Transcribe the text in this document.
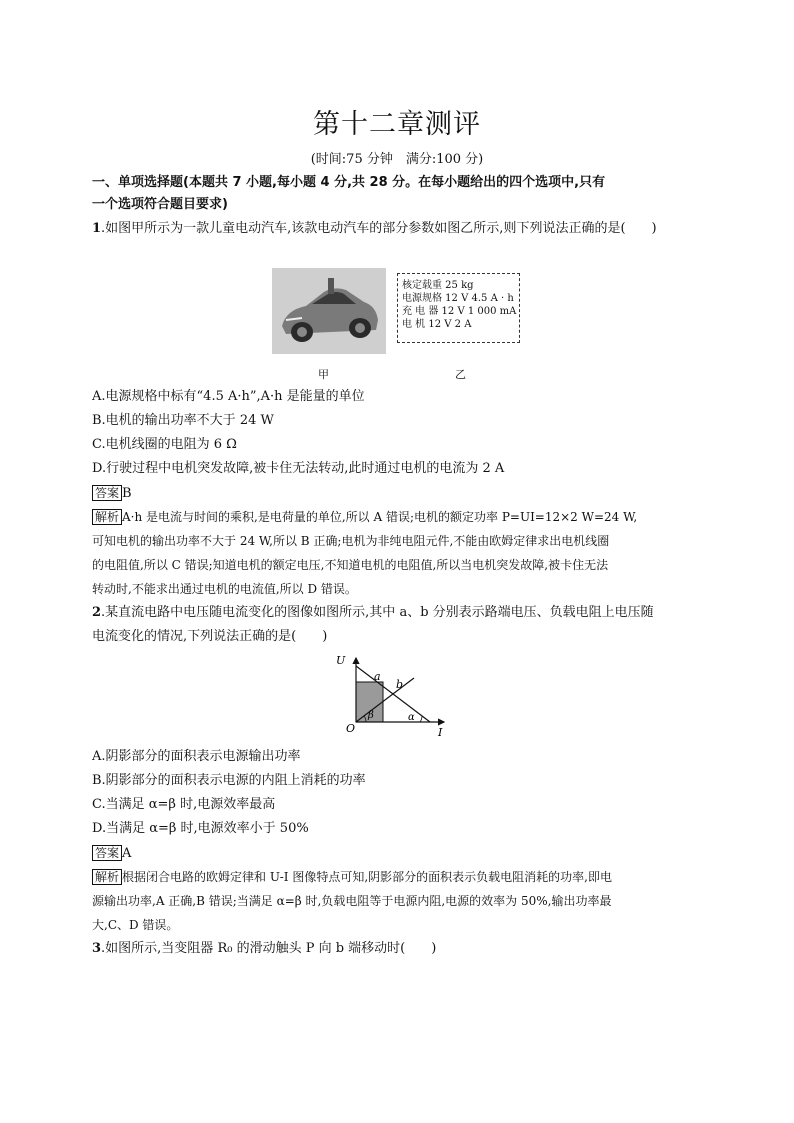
第十二章测评
(时间:75 分钟　满分:100 分)
一、单项选择题(本题共 7 小题,每小题 4 分,共 28 分。在每小题给出的四个选项中,只有
一个选项符合题目要求)
1.如图甲所示为一款儿童电动汽车,该款电动汽车的部分参数如图乙所示,则下列说法正确的是(　　)
核定载重 25 kg
电源规格 12 V 4.5 A · h
充 电 器 12 V 1 000 mA
电 机 12 V 2 A
甲	乙
A.电源规格中标有“4.5 A·h”,A·h 是能量的单位
B.电机的输出功率不大于 24 W
C.电机线圈的电阻为 6 Ω
D.行驶过程中电机突发故障,被卡住无法转动,此时通过电机的电流为 2 A
答案 B
解析 A·h 是电流与时间的乘积,是电荷量的单位,所以 A 错误;电机的额定功率 P=UI=12×2 W=24 W,
可知电机的输出功率不大于 24 W,所以 B 正确;电机为非纯电阻元件,不能由欧姆定律求出电机线圈
的电阻值,所以 C 错误;知道电机的额定电压,不知道电机的电阻值,所以当电机突发故障,被卡住无法
转动时,不能求出通过电机的电流值,所以 D 错误。
2.某直流电路中电压随电流变化的图像如图所示,其中 a、b 分别表示路端电压、负载电阻上电压随
电流变化的情况,下列说法正确的是(　　)
U
I
O
a
b
α
β
A.阴影部分的面积表示电源输出功率
B.阴影部分的面积表示电源的内阻上消耗的功率
C.当满足 α=β 时,电源效率最高
D.当满足 α=β 时,电源效率小于 50%
答案 A
解析 根据闭合电路的欧姆定律和 U-I 图像特点可知,阴影部分的面积表示负载电阻消耗的功率,即电
源输出功率,A 正确,B 错误;当满足 α=β 时,负载电阻等于电源内阻,电源的效率为 50%,输出功率最
大,C、D 错误。
3.如图所示,当变阻器 R₀ 的滑动触头 P 向 b 端移动时(　　)
